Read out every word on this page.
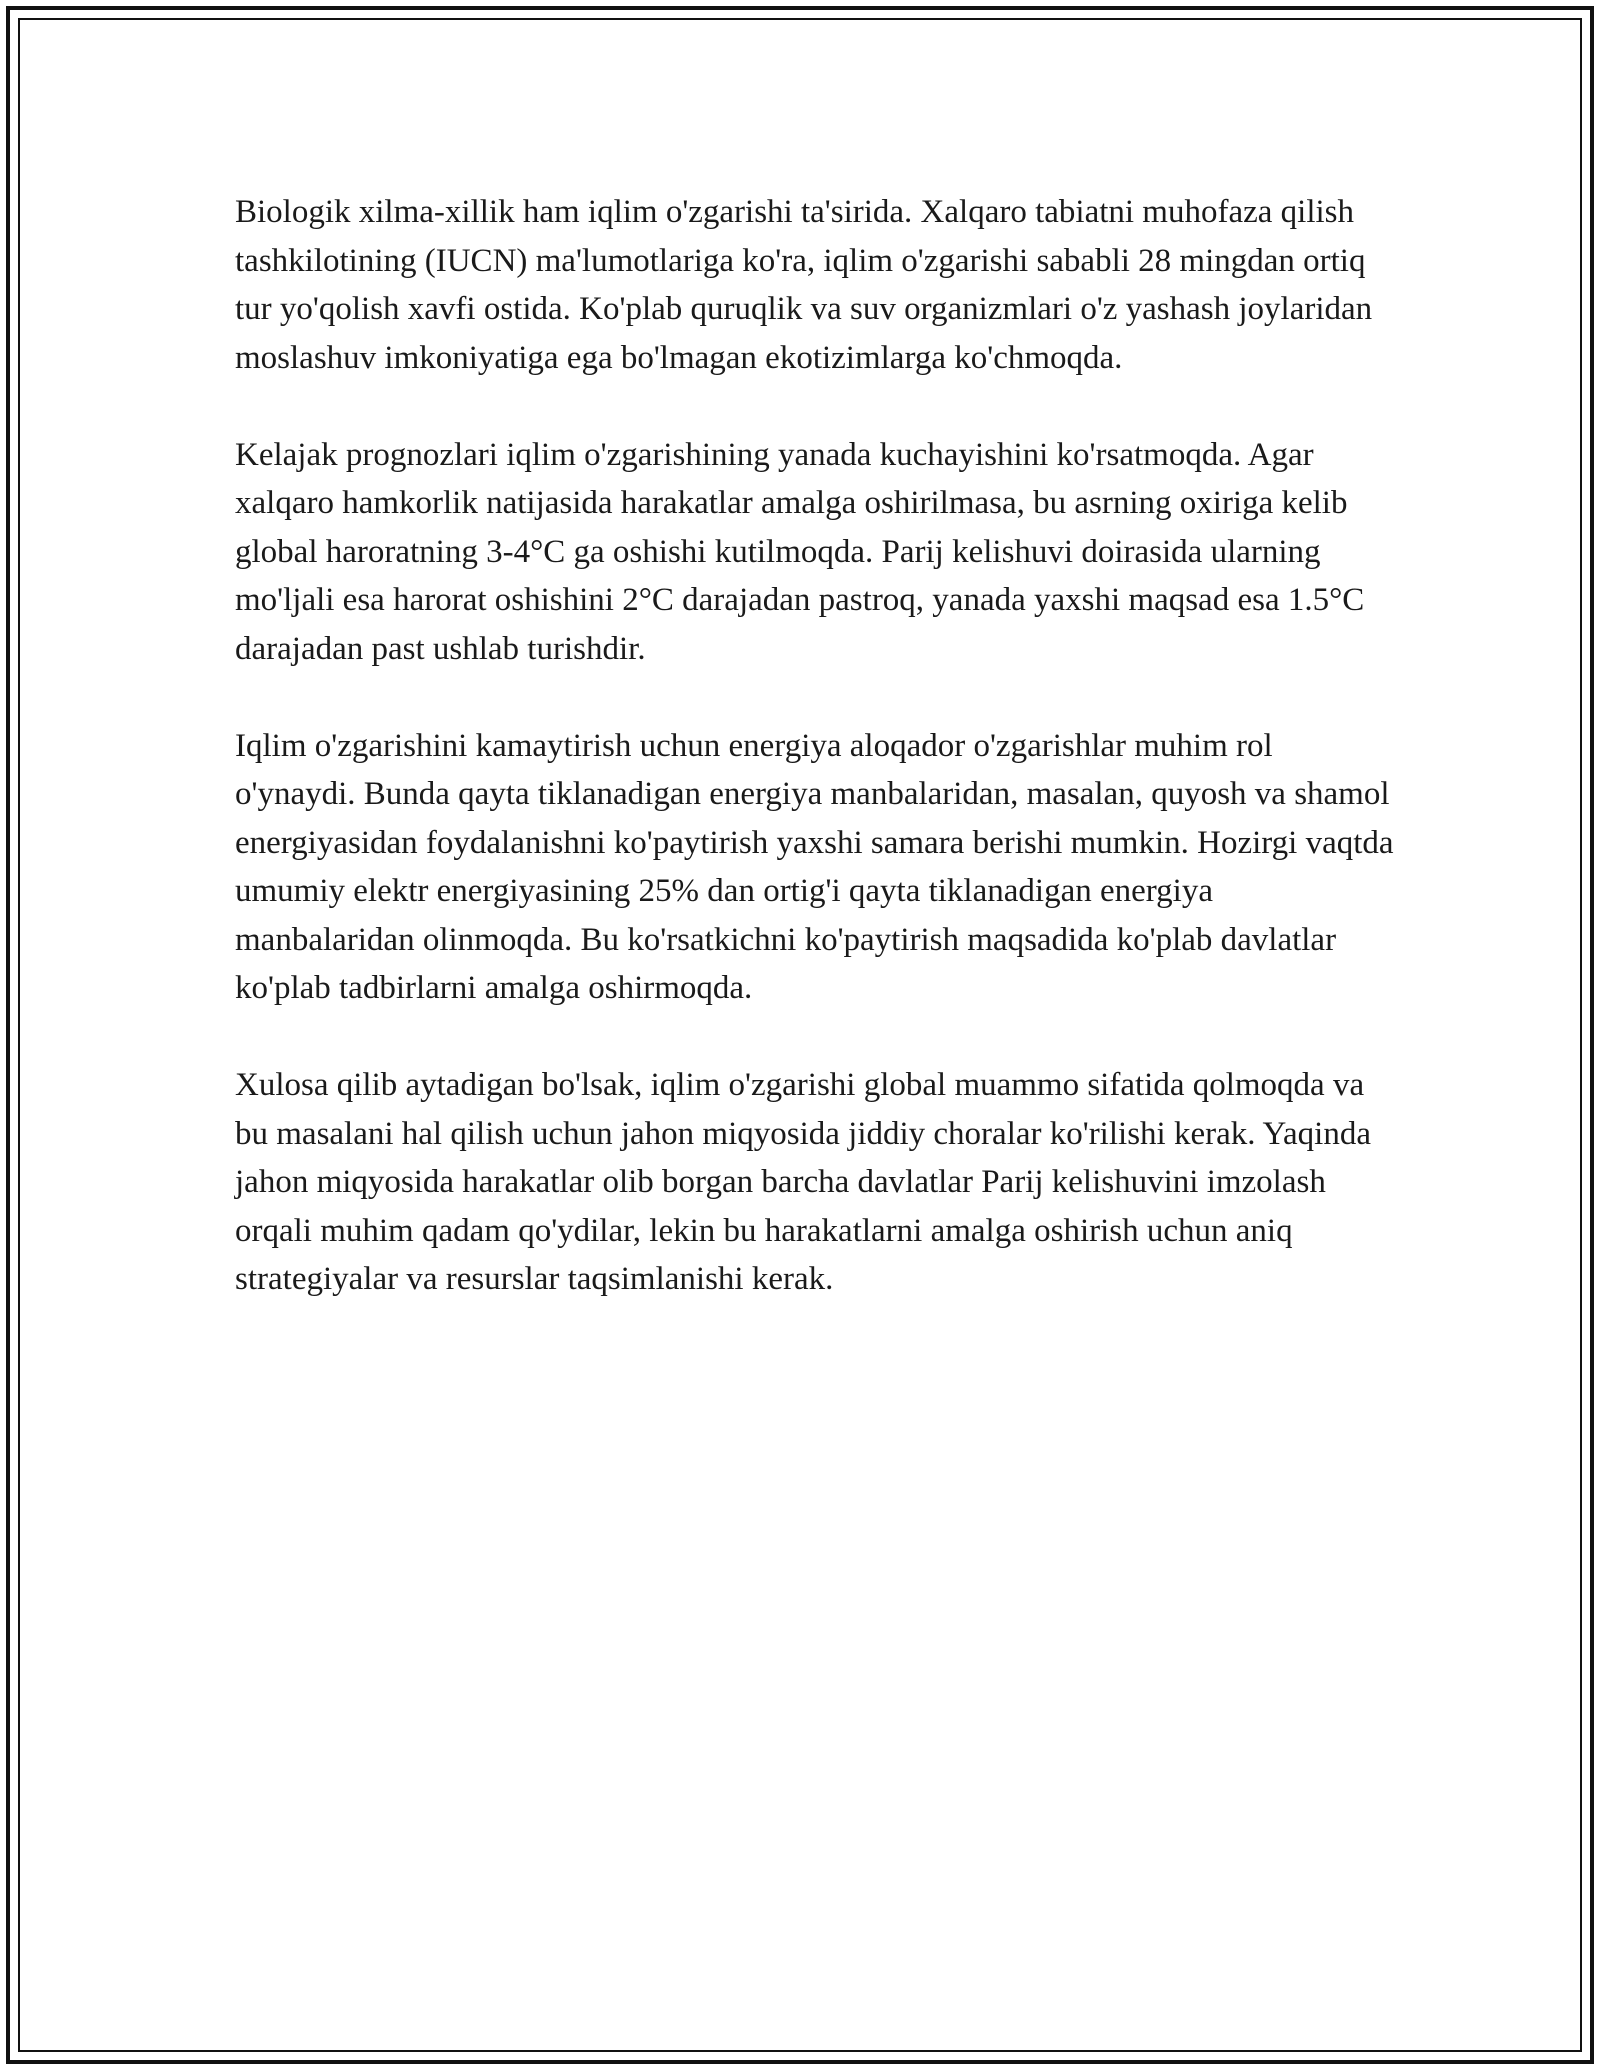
Biologik xilma-xillik ham iqlim o'zgarishi ta'sirida. Xalqaro tabiatni muhofaza qilish tashkilotining (IUCN) ma'lumotlariga ko'ra, iqlim o'zgarishi sababli 28 mingdan ortiq tur yo'qolish xavfi ostida. Ko'plab quruqlik va suv organizmlari o'z yashash joylaridan moslashuv imkoniyatiga ega bo'lmagan ekotizimlarga ko'chmoqda.

Kelajak prognozlari iqlim o'zgarishining yanada kuchayishini ko'rsatmoqda. Agar xalqaro hamkorlik natijasida harakatlar amalga oshirilmasa, bu asrning oxiriga kelib global haroratning 3-4°C ga oshishi kutilmoqda. Parij kelishuvi doirasida ularning mo'ljali esa harorat oshishini 2°C darajadan pastroq, yanada yaxshi maqsad esa 1.5°C darajadan past ushlab turishdir.

Iqlim o'zgarishini kamaytirish uchun energiya aloqador o'zgarishlar muhim rol o'ynaydi. Bunda qayta tiklanadigan energiya manbalaridan, masalan, quyosh va shamol energiyasidan foydalanishni ko'paytirish yaxshi samara berishi mumkin. Hozirgi vaqtda umumiy elektr energiyasining 25% dan ortig'i qayta tiklanadigan energiya manbalaridan olinmoqda. Bu ko'rsatkichni ko'paytirish maqsadida ko'plab davlatlar ko'plab tadbirlarni amalga oshirmoqda.

Xulosa qilib aytadigan bo'lsak, iqlim o'zgarishi global muammo sifatida qolmoqda va bu masalani hal qilish uchun jahon miqyosida jiddiy choralar ko'rilishi kerak. Yaqinda jahon miqyosida harakatlar olib borgan barcha davlatlar Parij kelishuvini imzolash orqali muhim qadam qo'ydilar, lekin bu harakatlarni amalga oshirish uchun aniq strategiyalar va resurslar taqsimlanishi kerak.
